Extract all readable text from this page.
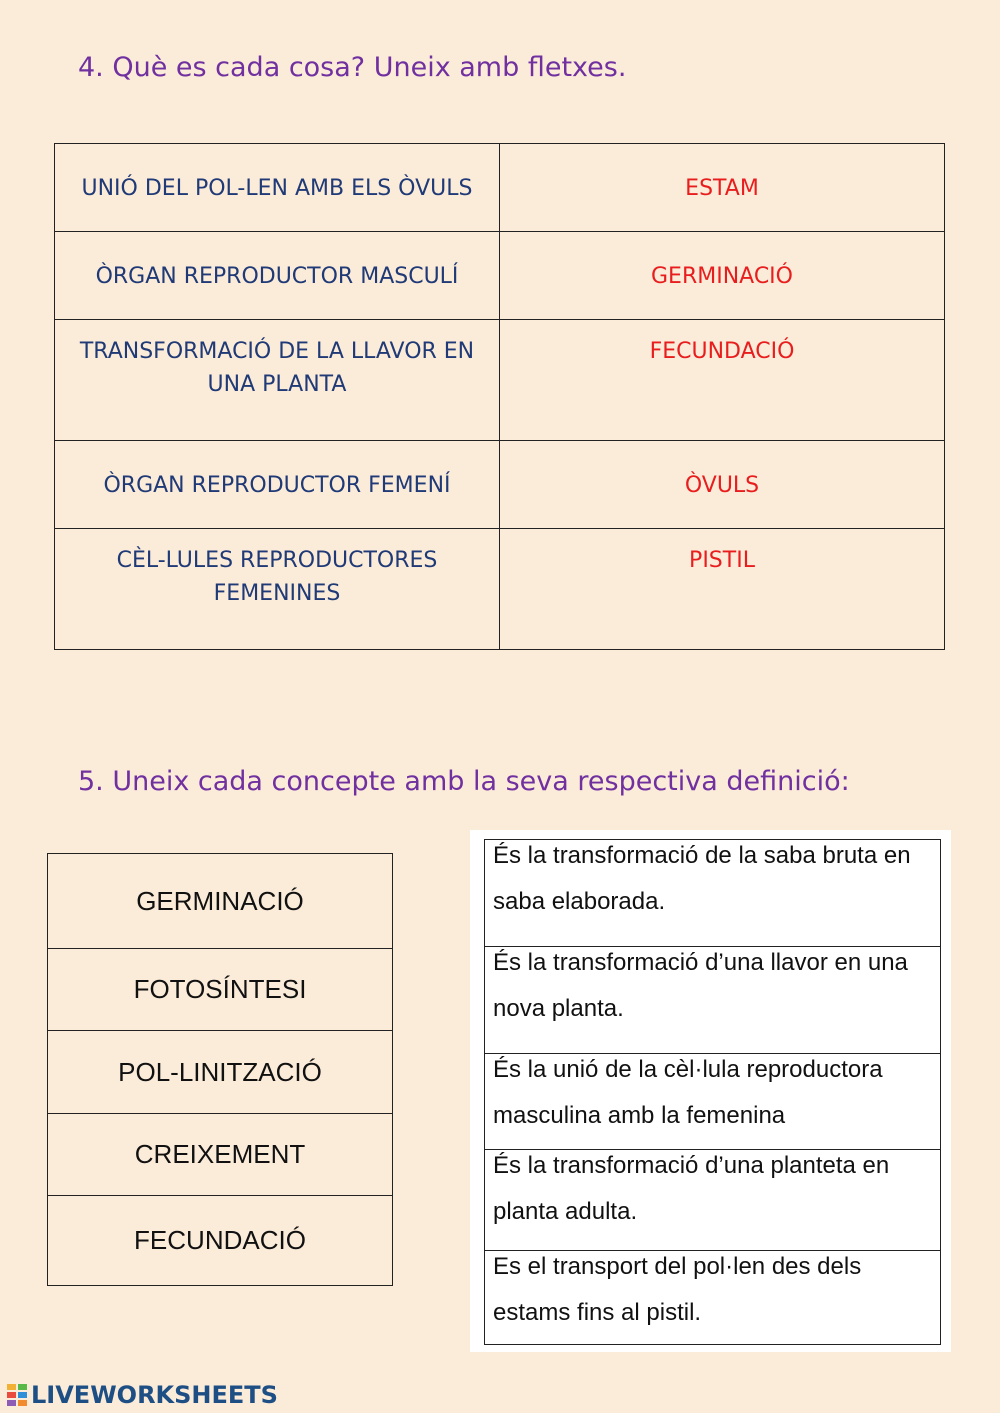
4. Què es cada cosa? Uneix amb fletxes.
UNIÓ DEL POL-LEN AMB ELS ÒVULS	ESTAM
ÒRGAN REPRODUCTOR MASCULÍ	GERMINACIÓ
TRANSFORMACIÓ DE LA LLAVOR EN UNA PLANTA	FECUNDACIÓ
ÒRGAN REPRODUCTOR FEMENÍ	ÒVULS
CÈL-LULES REPRODUCTORES FEMENINES	PISTIL
5. Uneix cada concepte amb la seva respectiva definició:
GERMINACIÓ
FOTOSÍNTESI
POL-LINITZACIÓ
CREIXEMENT
FECUNDACIÓ
És la transformació de la saba bruta en saba elaborada.
És la transformació d’una llavor en una nova planta.
És la unió de la cèl·lula reproductora masculina amb la femenina
És la transformació d’una planteta en planta adulta.
Es el transport del pol·len des dels estams fins al pistil.
LIVEWORKSHEETS
